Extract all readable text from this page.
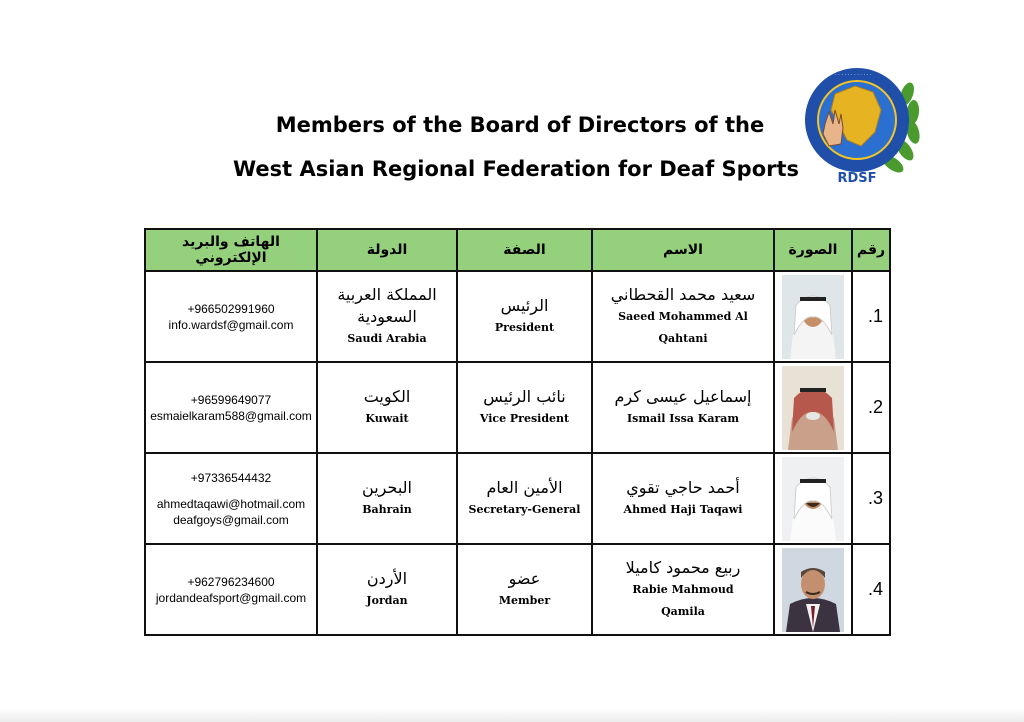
Members of the Board of Directors of the
West Asian Regional Federation for Deaf Sports
· · · · · · · · · · · ·
RDSF
الهاتف والبريد الإلكتروني	الدولة	الصفة	الاسم	الصورة	رقم

+966502991960
info.wardsf@gmail.com	المملكة العربية
السعودية
Saudi Arabia	الرئيس
President	سعيد محمد القحطاني
Saeed Mohammed Al
Qahtani		.1

+96599649077
esmaielkaram588@gmail.com	الكويت
Kuwait	نائب الرئيس
Vice President	إسماعيل عيسى كرم
Ismail Issa Karam		.2

+97336544432
ahmedtaqawi@hotmail.com
deafgoys@gmail.com	البحرين
Bahrain	الأمين العام
Secretary-General	أحمد حاجي تقوي
Ahmed Haji Taqawi		.3

+962796234600
jordandeafsport@gmail.com	الأردن
Jordan	عضو
Member	ربيع محمود كاميلا
Rabie Mahmoud
Qamila		.4
